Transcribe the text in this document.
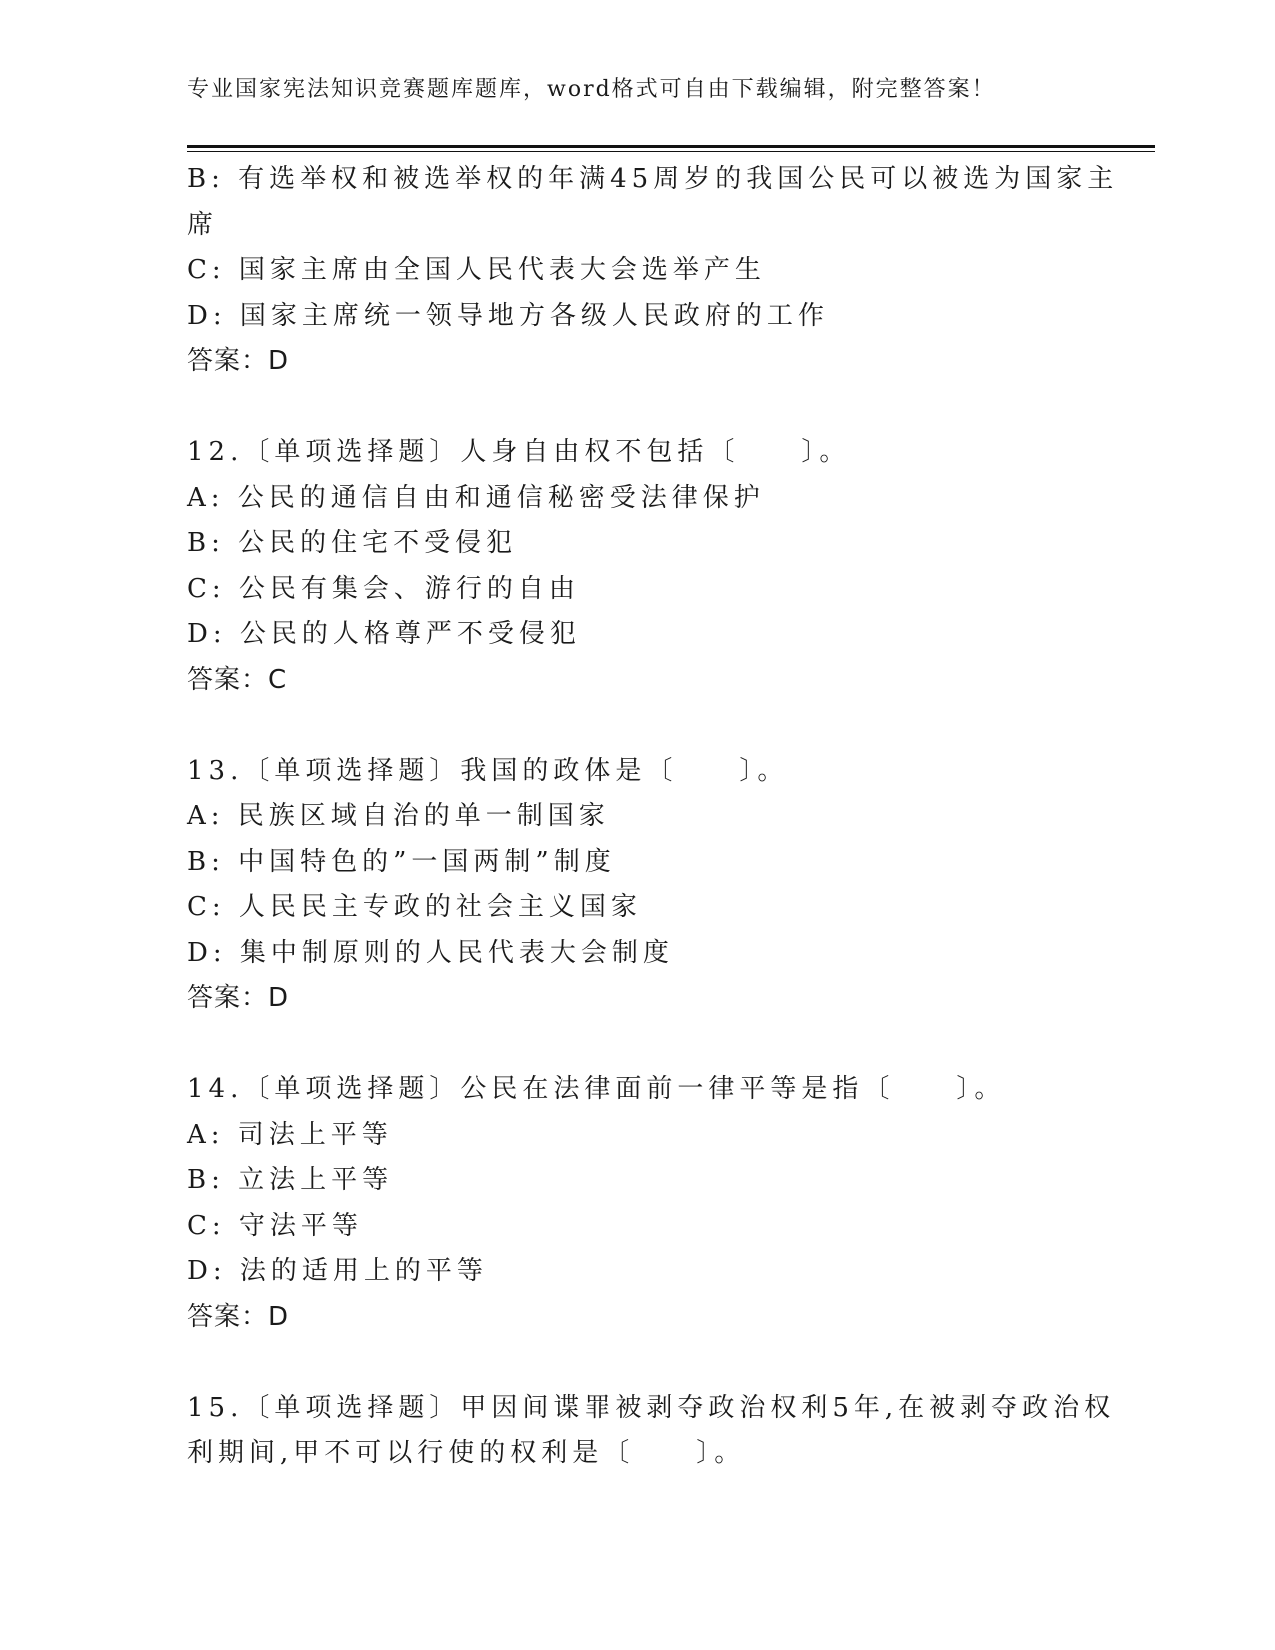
专业国家宪法知识竞赛题库题库，word格式可自由下载编辑，附完整答案！
B: 有选举权和被选举权的年满45周岁的我国公民可以被选为国家主
席
C: 国家主席由全国人民代表大会选举产生
D: 国家主席统一领导地方各级人民政府的工作
答案：D
12.〔单项选择题〕人身自由权不包括〔　　〕。
A: 公民的通信自由和通信秘密受法律保护
B: 公民的住宅不受侵犯
C: 公民有集会、游行的自由
D: 公民的人格尊严不受侵犯
答案：C
13.〔单项选择题〕我国的政体是〔　　〕。
A: 民族区域自治的单一制国家
B: 中国特色的”一国两制”制度
C: 人民民主专政的社会主义国家
D: 集中制原则的人民代表大会制度
答案：D
14.〔单项选择题〕公民在法律面前一律平等是指〔　　〕。
A: 司法上平等
B: 立法上平等
C: 守法平等
D: 法的适用上的平等
答案：D
15.〔单项选择题〕甲因间谍罪被剥夺政治权利5年,在被剥夺政治权
利期间,甲不可以行使的权利是〔　　〕。
